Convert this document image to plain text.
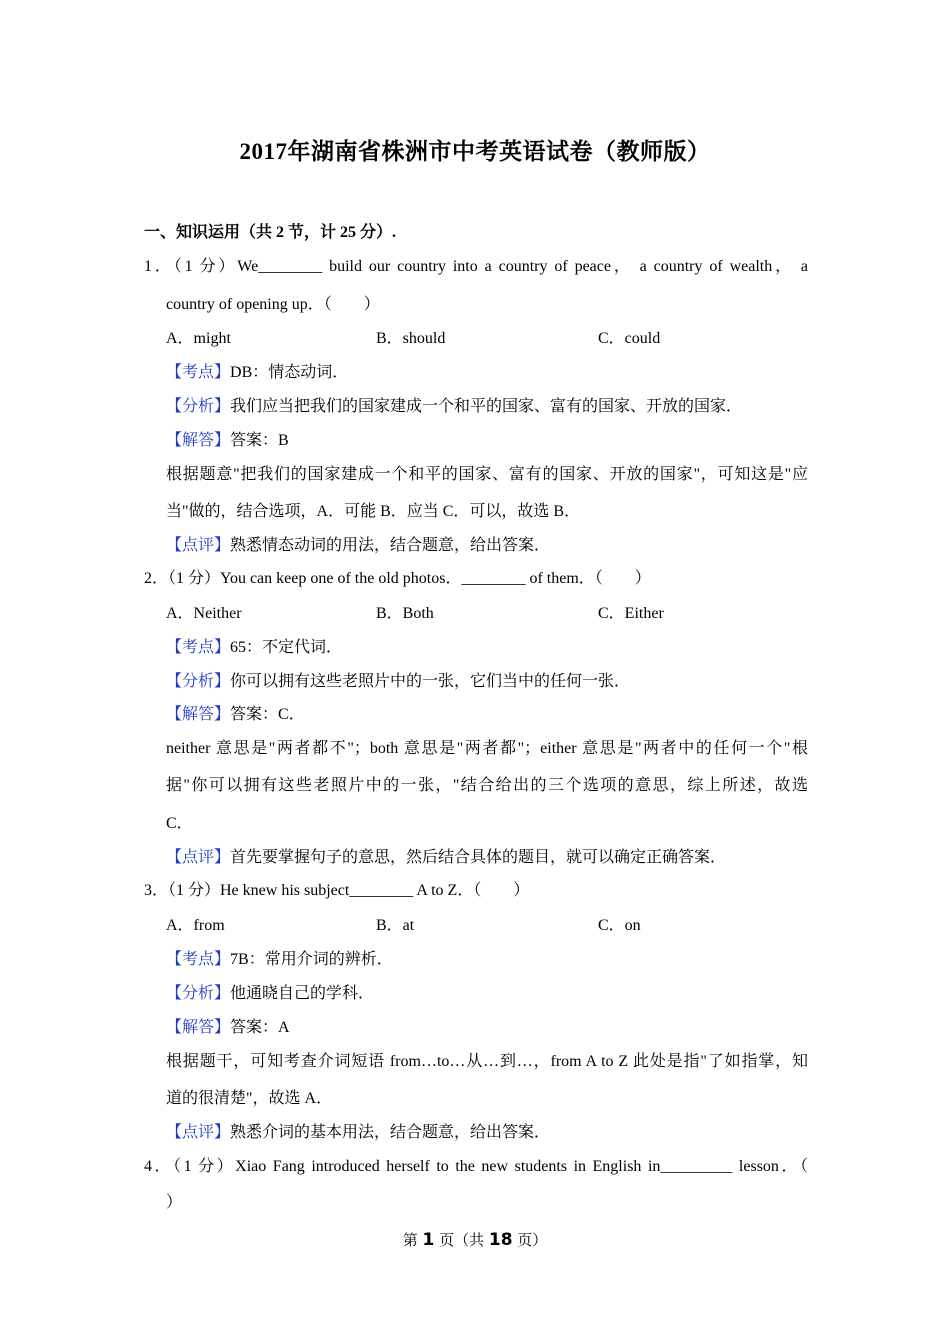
2017年湖南省株洲市中考英语试卷（教师版）
一、知识运用（共 2 节，计 25 分）.
1．（1 分）We________ build our country into a country of peace， a country of wealth， a
country of opening up．（　　）
A．might	B．should	C．could
【考点】DB：情态动词．
【分析】我们应当把我们的国家建成一个和平的国家、富有的国家、开放的国家．
【解答】答案：B
根据题意"把我们的国家建成一个和平的国家、富有的国家、开放的国家"，可知这是"应
当"做的，结合选项，A．可能 B．应当 C．可以，故选 B．
【点评】熟悉情态动词的用法，结合题意，给出答案．
2．（1 分）You can keep one of the old photos．________ of them．（　　）
A．Neither	B．Both	C．Either
【考点】65：不定代词．
【分析】你可以拥有这些老照片中的一张，它们当中的任何一张．
【解答】答案：C．
neither 意思是"两者都不"；both 意思是"两者都"；either 意思是"两者中的任何一个"根
据"你可以拥有这些老照片中的一张，"结合给出的三个选项的意思，综上所述，故选
C．
【点评】首先要掌握句子的意思，然后结合具体的题目，就可以确定正确答案．
3．（1 分）He knew his subject________ A to Z．（　　）
A．from	B．at	C．on
【考点】7B：常用介词的辨析．
【分析】他通晓自己的学科．
【解答】答案：A
根据题干，可知考查介词短语 from…to…从…到…，from A to Z 此处是指"了如指掌，知
道的很清楚"，故选 A．
【点评】熟悉介词的基本用法，结合题意，给出答案．
4．（1 分）Xiao Fang introduced herself to the new students in English in_________ lesson．（
）
第 1 页（共 18 页）
